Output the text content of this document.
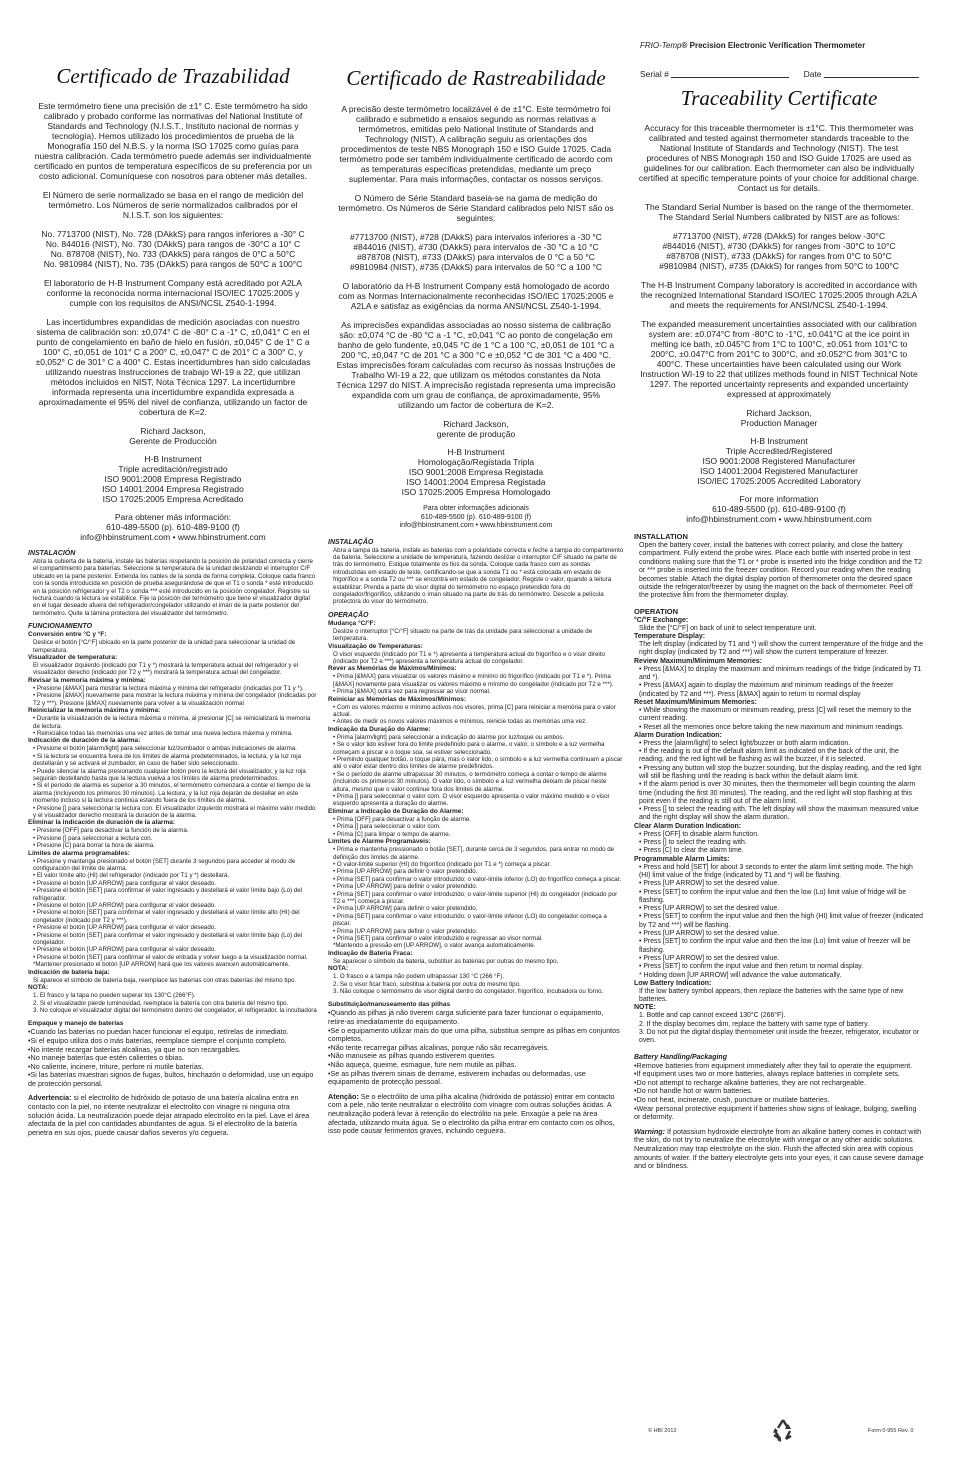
FRIO-Temp® Precision Electronic Verification Thermometer
Serial #	Date
Certificado de Trazabilidad

Este termómetro tiene una precisión de ±1° C. Este termómetro ha sido calibrado y probado conforme las normativas del National Institute of Standards and Technology (N.I.S.T., Instituto nacional de normas y tecnología). Hemos utilizado los procedimientos de prueba de la Monografía 150 del N.B.S. y la norma ISO 17025 como guías para nuestra calibración. Cada termómetro puede además ser individualmente certificado en puntos de temperatura específicos de su preferencia por un costo adicional. Comuníquese con nosotros para obtener más detalles.

El Número de serie normalizado se basa en el rango de medición del termómetro. Los Números de serie normalizados calibrados por el N.I.S.T. son los siguientes:

No. 7713700 (NIST), No. 728 (DAkkS) para rangos inferiores a -30° C
No. 844016 (NIST), No. 730 (DAkkS) para rangos de -30°C a 10° C
No. 878708 (NIST), No. 733 (DAkkS) para rangos de 0°C a 50°C
No. 9810984 (NIST), No. 735 (DAkkS) para rangos de 50°C a 100°C

El laboratorio de H-B Instrument Company está acreditado por A2LA conforme la reconocida norma internacional ISO/IEC 17025:2005 y cumple con los requisitos de ANSI/NCSL Z540-1-1994.

Las incertidumbres expandidas de medición asociadas con nuestro sistema de calibración son: ±0,074° C de -80° C a -1° C, ±0,041° C en el punto de congelamiento en baño de hielo en fusión, ±0,045° C de 1° C a 100° C, ±0,051 de 101° C a 200° C, ±0,047° C de 201° C a 300° C, y ±0,052° C de 301° C a 400° C. Estas incertidumbres han sido calculadas utilizando nuestras Instrucciones de trabajo WI-19 a 22, que utilizan métodos incluidos en NIST, Nota Técnica 1297. La incertidumbre informada representa una incertidumbre expandida expresada a aproximadamente el 95% del nivel de confianza, utilizando un factor de cobertura de K=2.

Richard Jackson,
Gerente de Producción

H-B Instrument
Triple acreditación/registrado
ISO 9001:2008 Empresa Registrado
ISO 14001:2004 Empresa Registrado
ISO 17025:2005 Empresa Acreditado

Para obtener más información:
610-489-5500 (p). 610-489-9100 (f)
info@hbinstrument.com • www.hbinstrument.com

INSTALACIÓN

Abra la cubierta de la batería, instale las baterías respetando la posición de polaridad correcta y cierre el compartimiento para baterías. Seleccione la temperatura de la unidad deslizando el interruptor C/F ubicado en la parte posterior. Extienda los cables de la sonda de forma completa. Coloque cada franco con la sonda introducida en posición de prueba asegurándose de que el T1 o sonda * esté introducido en la posición refrigerador y el T2 o sonda *** esté introducido en la posición congelador. Registre su lectura cuando la lectura se estabilice. Fije la posición del termómetro que tiene el visualizador digital en el lugar deseado afuera del refrigerador/congelador utilizando el imán de la parte posterior del termómetro. Quite la lámina protectora del visualizador del termómetro.

FUNCIONAMIENTO
Conversión entre °C y °F:

Deslice el botón [°C/°F] ubicado en la parte posterior de la unidad para seleccionar la unidad de temperatura.

Visualizador de temperatura:

El visualizador izquierdo (indicado por T1 y *) mostrará la temperatura actual del refrigerador y el visualizador derecho (indicado por T2 y ***) mostrará la temperatura actual del congelador.

Revisar la memoria máxima y mínima:

• Presione [&MAX] para mostrar la lectura máxima y mínima del refrigerador (indicadas por T1 y *).
• Presione [&MAX] nuevamente para mostrar la lectura máxima y mínima del congelador (indicadas por T2 y ***). Presione [&MAX] nuevamente para volver a la visualización normal

Reinicializar la memoria máxima y mínima:

• Durante la visualización de la lectura máxima o mínima, al presionar [C] se reinicializará la memoria de lectura.
• Reinicialice todas las memorias una vez antes de tomar una nueva lectura máxima y mínima.

Indicación de duración de la alarma:

• Presione el botón [alarm/light] para seleccionar luz/zumbador o ambas indicaciones de alarma.
• Si la lectura se encuentra fuera de los límites de alarma predeterminados, la lectura, y la luz roja destellarán y se activará el zumbador, en caso de haber sido seleccionado.
• Puede silenciar la alarma presionando cualquier botón pero la lectura del visualizador, y la luz roja seguirán destellando hasta que la lectura vuelva a los límites de alarma predeterminados.
• Si el período de alarma es superior a 30 minutos, el termómetro comenzará a contar el tiempo de la alarma (incluyendo los primeros 30 minutos). La lectura, y la luz roja dejarán de destellar en este momento incluso si la lectura continúa estando fuera de los límites de alarma.
• Presione [] para seleccionar la lectura con. El visualizador izquierdo mostrará el máximo valor medido y el visualizador derecho mostrará la duración de la alarma.

Eliminar la indicación de duración de la alarma:

• Presione [OFF] para desactivar la función de la alarma.
• Presione [] para seleccionar a lectura con.
• Presione [C] para borrar la hora de alarma.

Límites de alarma programables:

• Presione y mantenga presionado el botón [SET] durante 3 segundos para acceder al modo de configuración del límite de alarma.
• El valor límite alto (HI) del refrigerador (indicado por T1 y *) destellará.
• Presione el botón [UP ARROW] para configurar el valor deseado.
• Presione el botón [SET] para confirmar el valor ingresado y destellará el valor límite bajo (Lo) del refrigerador.
• Presione el botón [UP ARROW] para configurar el valor deseado.
• Presione el botón [SET] para confirmar el valor ingresado y destellará el valor límite alto (HI) del congelador (indicado por T2 y ***).
• Presione el botón [UP ARROW] para configurar el valor deseado.
• Presione el botón [SET] para confirmar el valor ingresado y destellará el valor límite bajo (Lo) del congelador.
• Presione el botón [UP ARROW] para configurar el valor deseado.
• Presione el botón [SET] para confirmar el valor de entrada y volver luego a la visualización normal.
*Mantener presionado el botón [UP ARROW] hará que los valores avancen automáticamente.

Indicación de batería baja:

Si aparece el símbolo de batería baja, reemplace las baterías con otras baterías del mismo tipo.

NOTA:

1. El frasco y la tapa no pueden superar los 130°C (266°F).
2. Si el visualizador pierde luminosidad, reemplace la batería con otra batería del mismo tipo.
3. No coloque el visualizador digital del termómetro dentro del congelador, el refrigerador, la incubadora

Empaque y manejo de baterías

•Cuando las baterías no puedan hacer funcionar el equipo, retírelas de inmediato.
•Si el equipo utiliza dos o más baterías, reemplace siempre el conjunto completo.
•No intente recargar baterías alcalinas, ya que no son recargables.
•No maneje baterías que estén calientes o tibias.
•No caliente, incinere, triture, perfore ni mutile baterías.
•Si las baterías muestran signos de fugas, bultos, hinchazón o deformidad, use un equipo de protección personal.

Advertencia: si el electrolito de hidróxido de potasio de una batería alcalina entra en contacto con la piel, no intente neutralizar el electrolito con vinagre ni ninguna otra solución ácida. La neutralización puede dejar atrapado electrolito en la piel. Lave el área afectada de la piel con cantidades abundantes de agua. Si el electrolito de la batería penetra en sus ojos, puede causar daños severos y/o ceguera.

Certificado de Rastreabilidade

A precisão deste termómetro localizável é de ±1°C. Este termómetro foi calibrado e submetido a ensaios segundo as normas relativas a termómetros, emitidas pelo National Institute of Standards and Technology (NIST). A calibração seguiu as orientações dos procedimentos de teste NBS Monograph 150 e ISO Guide 17025. Cada termómetro pode ser também individualmente certificado de acordo com as temperaturas específicas pretendidas, mediante um preço suplementar. Para mais informações, contactar os nossos serviços.

O Número de Série Standard baseia-se na gama de medição do termómetro. Os Números de Série Standard calibrados pelo NIST são os seguintes:

#7713700 (NIST), #728 (DAkkS) para intervalos inferiores a -30 °C
#844016 (NIST), #730 (DAkkS) para intervalos de -30 °C a 10 °C
#878708 (NIST), #733 (DAkkS) para intervalos de 0 °C a 50 °C
#9810984 (NIST), #735 (DAkkS) para intervalos de 50 °C a 100 °C

O laboratório da H-B Instrument Company está homologado de acordo com as Normas Internacionalmente reconhecidas ISO/IEC 17025:2005 e A2LA e satisfaz as exigências da norma ANSI/NCSL Z540-1-1994.

As imprecisões expandidas associadas ao nosso sistema de calibração são: ±0,074 °C de -80 °C a -1 °C, ±0,041 °C ao ponto de congelação em banho de gelo fundente, ±0,045 °C de 1 °C a 100 °C, ±0,051 de 101 °C a 200 °C, ±0,047 °C de 201 °C a 300 °C e ±0,052 °C de 301 °C a 400 °C. Estas imprecisões foram calculadas com recurso às nossas Instruções de Trabalho WI-19 a 22, que utilizam os métodos constantes da Nota Técnica 1297 do NIST. A imprecisão registada representa uma imprecisão expandida com um grau de confiança, de aproximadamente, 95% utilizando um factor de cobertura de K=2.

Richard Jackson,
gerente de produção

H-B Instrument
Homologação/Registada Tripla
ISO 9001:2008 Empresa Registada
ISO 14001:2004 Empresa Registada
ISO 17025:2005 Empresa Homologado

Para obter informações adicionais
610-489-5500 (p). 610-489-9100 (f)
info@hbinstrument.com • www.hbinstrument.com

INSTALAÇÃO

Abra a tampa da bateria, instale as baterias com a polaridade correcta e feche a tampa do compartimento da bateria. Seleccione a unidade de temperatura, fazendo deslizar o interruptor C/F situado na parte de trás do termómetro. Estique totalmente os fios da sonda. Coloque cada frasco com as sondas introduzidas em estado de teste, certificando-se que a sonda T1 ou * está colocada em estado de frigorífico e a sonda T2 ou *** se encontra em estado de congelador. Registe o valor, quando a leitura estabilizar. Prenda a parte do visor digital do termómetro no espaço pretendido fora do congelador/frigorífico, utilizando o íman situado na parte de trás do termómetro. Descole a película protectora do visor do termómetro.

OPERAÇÃO
Mudança °C/°F:

Deslize o interruptor [°C/°F] situado na parte de trás da unidade para seleccionar a unidade de temperatura.

Visualização de Temperaturas:

O visor esquerdo (indicado por T1 e *) apresenta a temperatura actual do frigorífico e o visor direito (indicado por T2 e ***) apresenta a temperatura actual do congelador.

Rever as Memórias de Máximos/Mínimos:

• Prima [&MAX] para visualizar os valores máximo e mínimo do frigorífico (indicado por T1 e *). Prima [&MAX] novamente para visualizar os valores máximo e mínimo do congelador (indicado por T2 e ***).
• Prima [&MAX] outra vez para regressar ao visor normal.

Reiniciar as Memórias de Máximos/Mínimos:

• Com os valores máximo e mínimo activos nos visores, prima [C] para reiniciar a memória para o valor actual.
• Antes de medir os novos valores máximos e mínimos, reinicie todas as memórias uma vez.

Indicação da Duração do Alarme:

• Prima [alarm/light] para seleccionar a indicação do alarme por luz/toque ou ambos.
• Se o valor lido estiver fora do limite predefinido para o alarme, o valor, o símbolo e a luz vermelha começam a piscar e o toque soa, se estiver seleccionado.
• Premindo qualquer botão, o toque pára, mas o valor lido, o símbolo e a luz vermelha continuam a piscar até o valor estar dentro dos limites de alarme predefinidos.
• Se o período de alarme ultrapassar 30 minutos, o termómetro começa a contar o tempo de alarme (incluindo os primeiros 30 minutos). O valor lido, o símbolo e a luz vermelha deixam de piscar neste altura, mesmo que o valor continue fora dos limites de alarme.
• Prima [] para seleccionar o valor com. O visor esquerdo apresenta o valor máximo medido e o visor esquerdo apresenta a duração do alarme.

Eliminar a Indicação de Duração do Alarme:

• Prima [OFF] para desactivar a função de alarme.
• Prima [] para seleccionar o valor com.
• Prima [C] para limpar o tempo de alarme.

Limites de Alarme Programáveis:

• Prima e mantenha pressionado o botão [SET], durante cerca de 3 segundos, para entrar no modo de definição dos limites de alarme.
• O valor-limite superior (HI) do frigorífico (indicado por T1 e *) começa a piscar.
• Prima [UP ARROW] para definir o valor pretendido.
• Prima [SET] para confirmar o valor introduzido; o valor-limite inferior (LO) do frigorífico começa a piscar.
• Prima [UP ARROW] para definir o valor pretendido.
• Prima [SET] para confirmar o valor introduzido; o valor-limite superior (HI) do congelador (indicado por T2 e ***) começa a piscar.
• Prima [UP ARROW] para definir o valor pretendido.
• Prima [SET] para confirmar o valor introduzido; o valor-limite inferior (LO) do congelador começa a piscar.
• Prima [UP ARROW] para definir o valor pretendido.
• Prima [SET] para confirmar o valor introduzido e regressar ao visor normal.
*Mantendo a pressão em [UP ARROW], o valor avança automaticamente.

Indicação de Bateria Fraca:

Se aparecer o símbolo da bateria, substituir as baterias por outras do mesmo tipo.

NOTA:

1. O frasco e a tampa não podem ultrapassar 130 °C (266 °F).
2. Se o visor ficar fraco, substitua a bateria por outra do mesmo tipo.
3. Não coloque o termómetro de visor digital dentro do congelador, frigorífico, incubadora ou forno.

Substituição/manuseamento das pilhas

•Quando as pilhas já não tiverem carga suficiente para fazer funcionar o equipamento, retire-as imediatamente do equipamento.
•Se o equipamento utilizar mais do que uma pilha, substitua sempre as pilhas em conjuntos completos.
•Não tente recarregar pilhas alcalinas, porque não são recarregáveis.
•Não manuseie as pilhas quando estiverem quentes.
•Não aqueça, queime, esmague, fure nem mutile as pilhas.
•Se as pilhas tiverem sinais de derrame, estiverem inchadas ou deformadas, use equipamento de protecção pessoal.

Atenção: Se o electrólito de uma pilha alcalina (hidróxido de potássio) entrar em contacto com a pele, não tente neutralizar o electrólito com vinagre com outras soluções ácidas. A neutralização poderá levar à retenção do electrólito na pele. Enxagúe a pele na área afectada, utilizando muita água. Se o electrólito da pilha entrar em contacto com os olhos, isso pode causar ferimentos graves, incluindo cegueira.

Traceability Certificate

Accuracy for this traceable thermometer is ±1°C. This thermometer was calibrated and tested against thermometer standards traceable to the National Institute of Standards and Technology (NIST). The test procedures of NBS Monograph 150 and ISO Guide 17025 are used as guidelines for our calibration. Each thermometer can also be individually certified at specific temperature points of your choice for additional charge. Contact us for details.

The Standard Serial Number is based on the range of the thermometer. The Standard Serial Numbers calibrated by NIST are as follows:

#7713700 (NIST), #728 (DAkkS) for ranges below -30°C
#844016 (NIST), #730 (DAkkS) for ranges from -30°C to 10°C
#878708 (NIST), #733 (DAkkS) for ranges from 0°C to 50°C
#9810984 (NIST), #735 (DAkkS) for ranges from 50°C to 100°C

The H-B Instrument Company laboratory is accredited in accordance with the recognized International Standard ISO/IEC 17025:2005 through A2LA and meets the requirements for ANSI/NCSL Z540-1-1994.

The expanded measurement uncertainties associated with our calibration system are: ±0.074°C from -80°C to -1°C, ±0.041°C at the ice point in melting ice bath, ±0.045°C from 1°C to 100°C, ±0.051 from 101°C to 200°C, ±0.047°C from 201°C to 300°C, and ±0.052°C from 301°C to 400°C. These uncertainties have been calculated using our Work Instruction WI-19 to 22 that utilizes methods found in NIST Technical Note 1297. The reported uncertainty represents and expanded uncertainty expressed at approximately

Richard Jackson,
Production Manager

H-B Instrument
Triple Accredited/Registered
ISO 9001:2008 Registered Manufacturer
ISO 14001:2004 Registered Manufacturer
ISO/IEC 17025:2005 Accredited Laboratory

For more information
610-489-5500 (p). 610-489-9100 (f)
info@hbinstrument.com • www.hbinstrument.com

INSTALLATION

Open the battery cover, install the batteries with correct polarity, and close the battery compartment. Fully extend the probe wires. Place each bottle with inserted probe in test conditions making sure that the T1 or * probe is inserted into the fridge condition and the T2 or *** probe is inserted into the freezer condition. Record your reading when the reading becomes stable. Attach the digital display portion of thermometer onto the desired space outside the refrigerator/freezer by using the magnet on the back of thermometer. Peel off the protective film from the thermometer display.

OPERATION
°C/°F Exchange:

Slide the [°C/°F] on back of unit to select temperature unit.

Temperature Display:

The left display (indicated by T1 and *) will show the current temperature of the fridge and the right display (indicated by T2 and ***) will show the current temperature of freezer.

Review Maximum/Minimum Memories:

• Press [&MAX] to display the maximum and minimum readings of the fridge (indicated by T1 and *).
• Press [&MAX] again to display the maximum and minimum readings of the freezer (indicated by T2 and ***). Press [&MAX] again to return to normal display

Reset Maximum/Minimum Memories:

• While showing the maximum or minimum reading, press [C] will reset the memory to the current reading.
• Reset all the memories once before taking the new maximum and minimum readings.

Alarm Duration Indication:

• Press the [alarm/light] to select light/buzzer or both alarm indication.
• If the reading is out of the default alarm limit as indicated on the back of the unit, the reading, and the red light will be flashing as will the buzzer, if it is selected.
• Pressing any button will stop the buzzer sounding, but the display reading, and the red light will still be flashing until the reading is back within the default alarm limit.
• If the alarm period is over 30 minutes, then the thermometer will begin counting the alarm time (including the first 30 minutes). The reading, and the red light will stop flashing at this point even if the reading is still out of the alarm limit.
• Press [] to select the reading with. The left display will show the maximum measured value and the right display will show the alarm duration.

Clear Alarm Duration Indication:

• Press [OFF] to disable alarm function.
• Press [] to select the reading with.
• Press [C] to clear the alarm time.

Programmable Alarm Limits:

• Press and hold [SET] for about 3 seconds to enter the alarm limit setting mode. The high (HI) limit value of the fridge (indicated by T1 and *) will be flashing.
• Press [UP ARROW] to set the desired value.
• Press [SET] to confirm the input value and then the low (Lo) limit value of fridge will be flashing.
• Press [UP ARROW] to set the desired value.
• Press [SET] to confirm the input value and then the high (HI) limit value of freezer (indicated by T2 and ***) will be flashing.
• Press [UP ARROW] to set the desired value.
• Press [SET] to confirm the input value and then the low (Lo) limit value of freezer will be flashing.
• Press [UP ARROW] to set the desired value.
• Press [SET] to confirm the input value and then return to normal display.
* Holding down [UP ARROW] will advance the value automatically.

Low Battery Indication:

If the low battery symbol appears, then replace the batteries with the same type of new batteries.

NOTE:

1. Bottle and cap cannot exceed 130°C (266°F).
2. If the display becomes dim, replace the battery with same type of battery.
3. Do not put the digital display thermometer unit inside the freezer, refrigerator, incubator or oven.

Battery Handling/Packaging

•Remove batteries from equipment immediately after they fail to operate the equipment.
•If equipment uses two or more batteries, always replace batteries in complete sets.
•Do not attempt to recharge alkaline batteries, they are not rechargeable.
•Do not handle hot or warm batteries.
•Do not heat, incinerate, crush, puncture or mutilate batteries.
•Wear personal protective equipment if batteries show signs of leakage, bulging, swelling or deformity.

Warning: If potassium hydroxide electrolyte from an alkaline battery comes in contact with the skin, do not try to neutralize the electrolyte with vinegar or any other acidic solutions. Neutralization may trap electrolyte on the skin. Flush the affected skin area with copious amounts of water. If the battery electrolyte gets into your eyes, it can cause severe damage and or blindness.

© HBI 2012	Form 0-955 Rev. 0
